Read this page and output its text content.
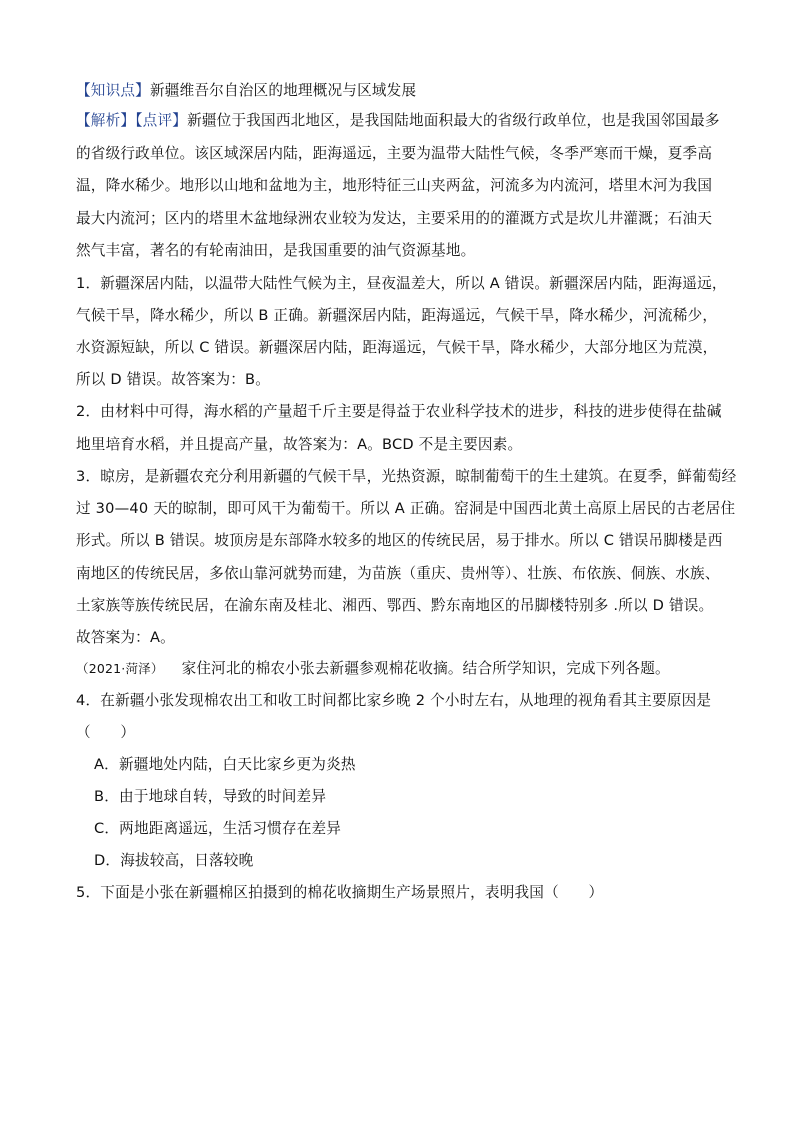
【知识点】新疆维吾尔自治区的地理概况与区域发展
【解析】【点评】新疆位于我国西北地区，是我国陆地面积最大的省级行政单位，也是我国邻国最多
的省级行政单位。该区域深居内陆，距海遥远，主要为温带大陆性气候，冬季严寒而干燥，夏季高
温，降水稀少。地形以山地和盆地为主，地形特征三山夹两盆，河流多为内流河，塔里木河为我国
最大内流河；区内的塔里木盆地绿洲农业较为发达，主要采用的的灌溉方式是坎儿井灌溉；石油天
然气丰富，著名的有轮南油田，是我国重要的油气资源基地。
1．新疆深居内陆，以温带大陆性气候为主，昼夜温差大，所以 A 错误。新疆深居内陆，距海遥远，
气候干旱，降水稀少，所以 B 正确。新疆深居内陆，距海遥远，气候干旱，降水稀少，河流稀少，
水资源短缺，所以 C 错误。新疆深居内陆，距海遥远，气候干旱，降水稀少，大部分地区为荒漠，
所以 D 错误。故答案为：B。
2．由材料中可得，海水稻的产量超千斤主要是得益于农业科学技术的进步，科技的进步使得在盐碱
地里培育水稻，并且提高产量，故答案为：A。BCD 不是主要因素。
3．晾房，是新疆农充分利用新疆的气候干旱，光热资源，晾制葡萄干的生土建筑。在夏季，鲜葡萄经
过 30—40 天的晾制，即可风干为葡萄干。所以 A 正确。窑洞是中国西北黄土高原上居民的古老居住
形式。所以 B 错误。坡顶房是东部降水较多的地区的传统民居，易于排水。所以 C 错误吊脚楼是西
南地区的传统民居，多依山靠河就势而建，为苗族（重庆、贵州等）、壮族、布依族、侗族、水族、
土家族等族传统民居，在渝东南及桂北、湘西、鄂西、黔东南地区的吊脚楼特别多 .所以 D 错误。
故答案为：A。
（2021·菏泽） 家住河北的棉农小张去新疆参观棉花收摘。结合所学知识，完成下列各题。
4．在新疆小张发现棉农出工和收工时间都比家乡晚 2 个小时左右，从地理的视角看其主要原因是
（　　）
A．新疆地处内陆，白天比家乡更为炎热
B．由于地球自转，导致的时间差异
C．两地距离遥远，生活习惯存在差异
D．海拔较高，日落较晚
5．下面是小张在新疆棉区拍摄到的棉花收摘期生产场景照片，表明我国（　　）
